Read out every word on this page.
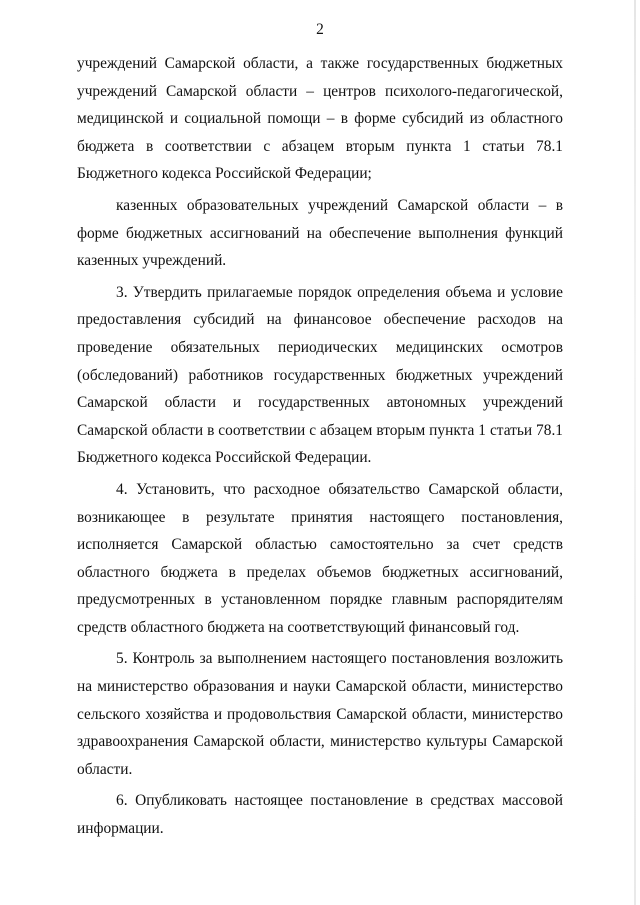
2

учреждений Самарской области, а также государственных бюджетных учреждений Самарской области – центров психолого-педагогической, медицинской и социальной помощи – в форме субсидий из областного бюджета в соответствии с абзацем вторым пункта 1 статьи 78.1 Бюджетного кодекса Российской Федерации;

казенных образовательных учреждений Самарской области – в форме бюджетных ассигнований на обеспечение выполнения функций казенных учреждений.

3. Утвердить прилагаемые порядок определения объема и условие предоставления субсидий на финансовое обеспечение расходов на проведение обязательных периодических медицинских осмотров (обследований) работников государственных бюджетных учреждений Самарской области и государственных автономных учреждений Самарской области в соответствии с абзацем вторым пункта 1 статьи 78.1 Бюджетного кодекса Российской Федерации.

4. Установить, что расходное обязательство Самарской области, возникающее в результате принятия настоящего постановления, исполняется Самарской областью самостоятельно за счет средств областного бюджета в пределах объемов бюджетных ассигнований, предусмотренных в установленном порядке главным распорядителям средств областного бюджета на соответствующий финансовый год.

5. Контроль за выполнением настоящего постановления возложить на министерство образования и науки Самарской области, министерство сельского хозяйства и продовольствия Самарской области, министерство здравоохранения Самарской области, министерство культуры Самарской области.

6. Опубликовать настоящее постановление в средствах массовой информации.
